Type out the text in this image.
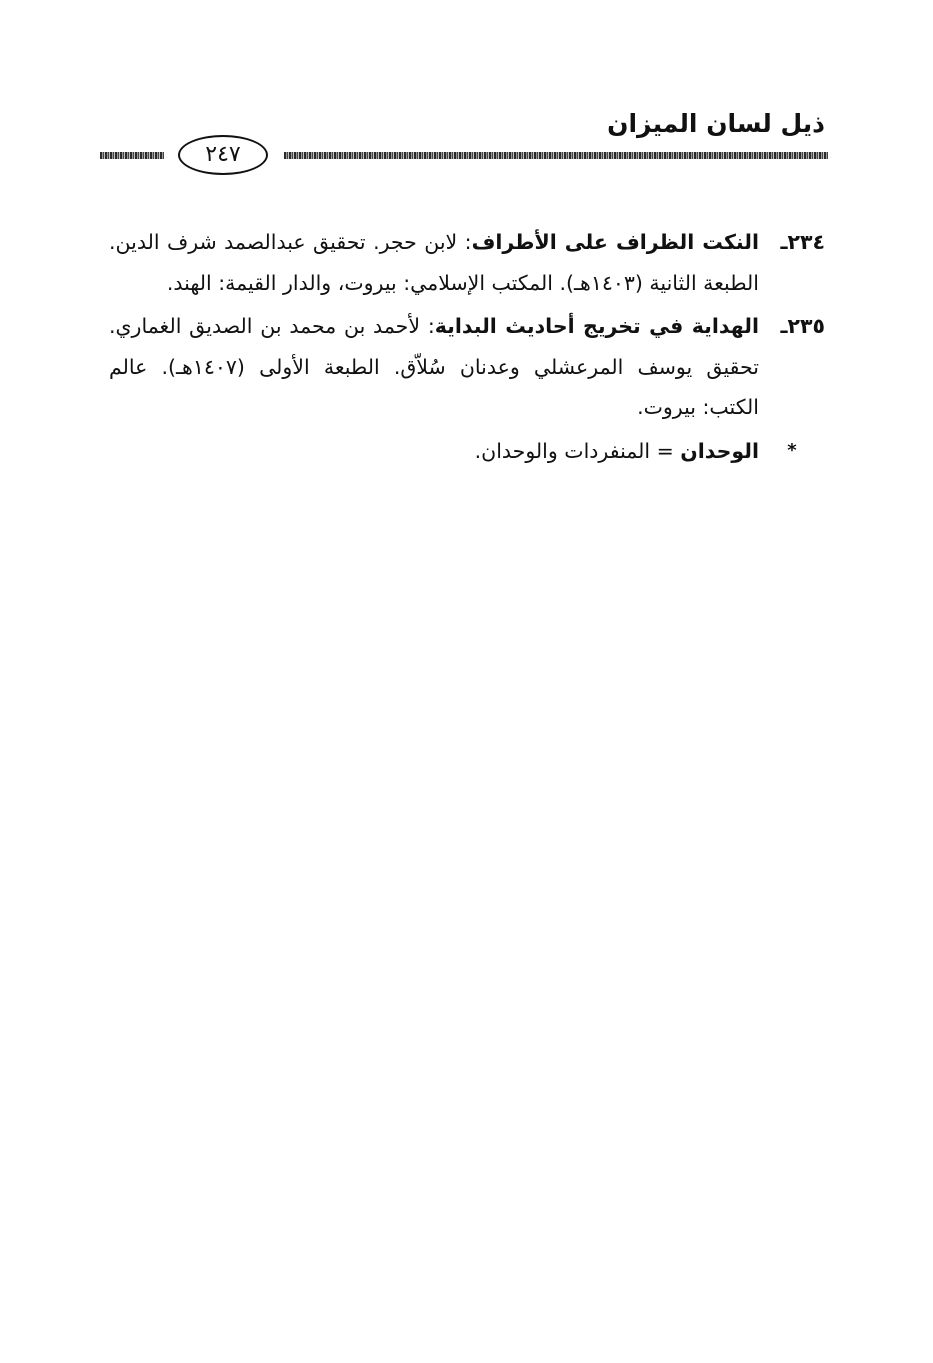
ذيل لسان الميزان
٢٤٧
٢٣٤ـ
النكت الظراف على الأطراف: لابن حجر. تحقيق عبدالصمد شرف الدين. الطبعة الثانية (١٤٠٣هـ). المكتب الإسلامي: بيروت، والدار القيمة: الهند.
٢٣٥ـ
الهداية في تخريج أحاديث البداية: لأحمد بن محمد بن الصديق الغماري. تحقيق يوسف المرعشلي وعدنان سُلاّق. الطبعة الأولى (١٤٠٧هـ). عالم الكتب: بيروت.
*
الوحدان = المنفردات والوحدان.
